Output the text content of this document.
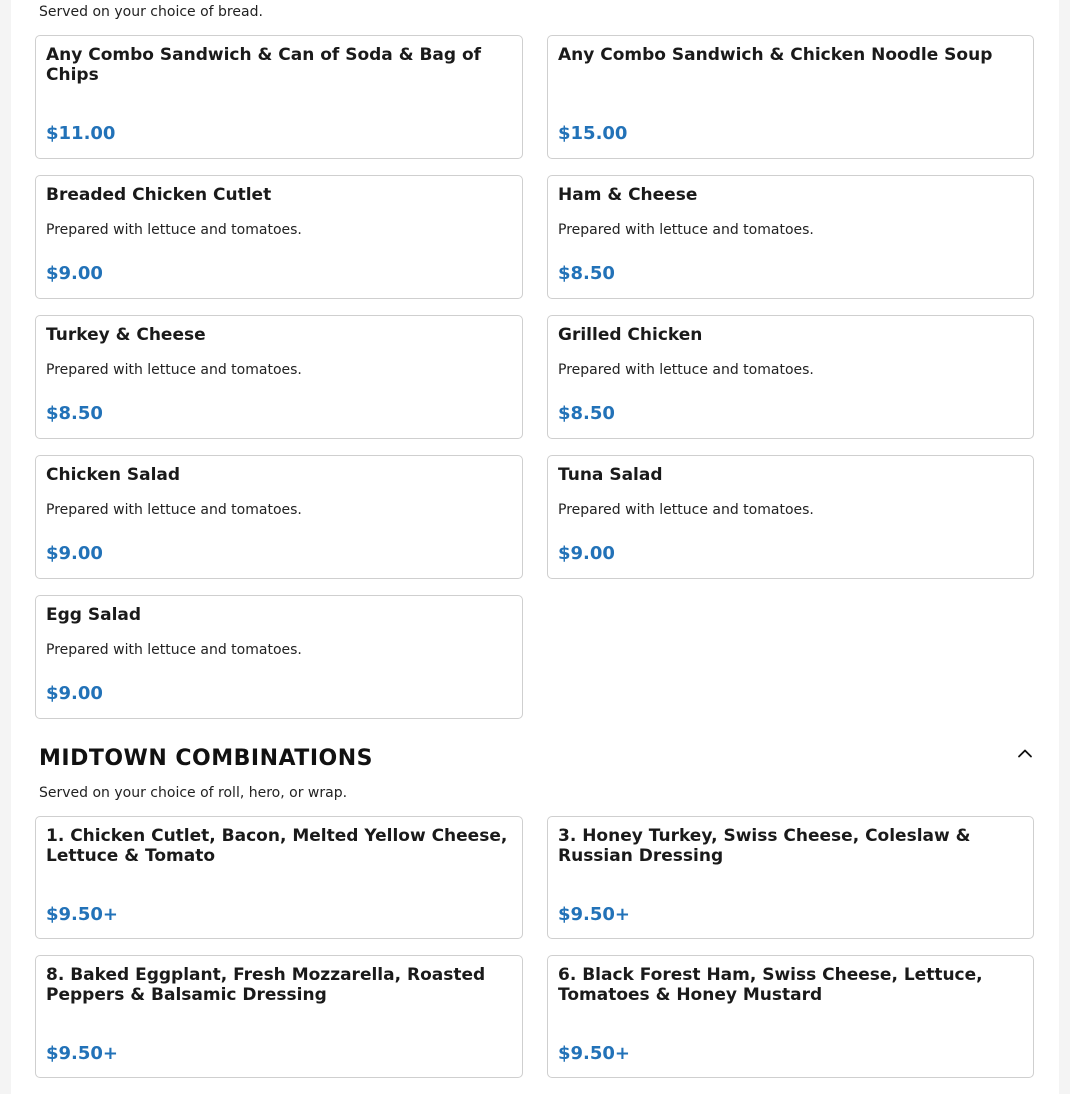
Served on your choice of bread.

Any Combo Sandwich & Can of Soda & Bag of Chips
$11.00
Any Combo Sandwich & Chicken Noodle Soup
$15.00
Breaded Chicken Cutlet
Prepared with lettuce and tomatoes.
$9.00
Ham & Cheese
Prepared with lettuce and tomatoes.
$8.50
Turkey & Cheese
Prepared with lettuce and tomatoes.
$8.50
Grilled Chicken
Prepared with lettuce and tomatoes.
$8.50
Chicken Salad
Prepared with lettuce and tomatoes.
$9.00
Tuna Salad
Prepared with lettuce and tomatoes.
$9.00
Egg Salad
Prepared with lettuce and tomatoes.
$9.00
MIDTOWN COMBINATIONS

Served on your choice of roll, hero, or wrap.

1. Chicken Cutlet, Bacon, Melted Yellow Cheese, Lettuce & Tomato
$9.50+
3. Honey Turkey, Swiss Cheese, Coleslaw & Russian Dressing
$9.50+
8. Baked Eggplant, Fresh Mozzarella, Roasted Peppers & Balsamic Dressing
$9.50+
6. Black Forest Ham, Swiss Cheese, Lettuce, Tomatoes & Honey Mustard
$9.50+
